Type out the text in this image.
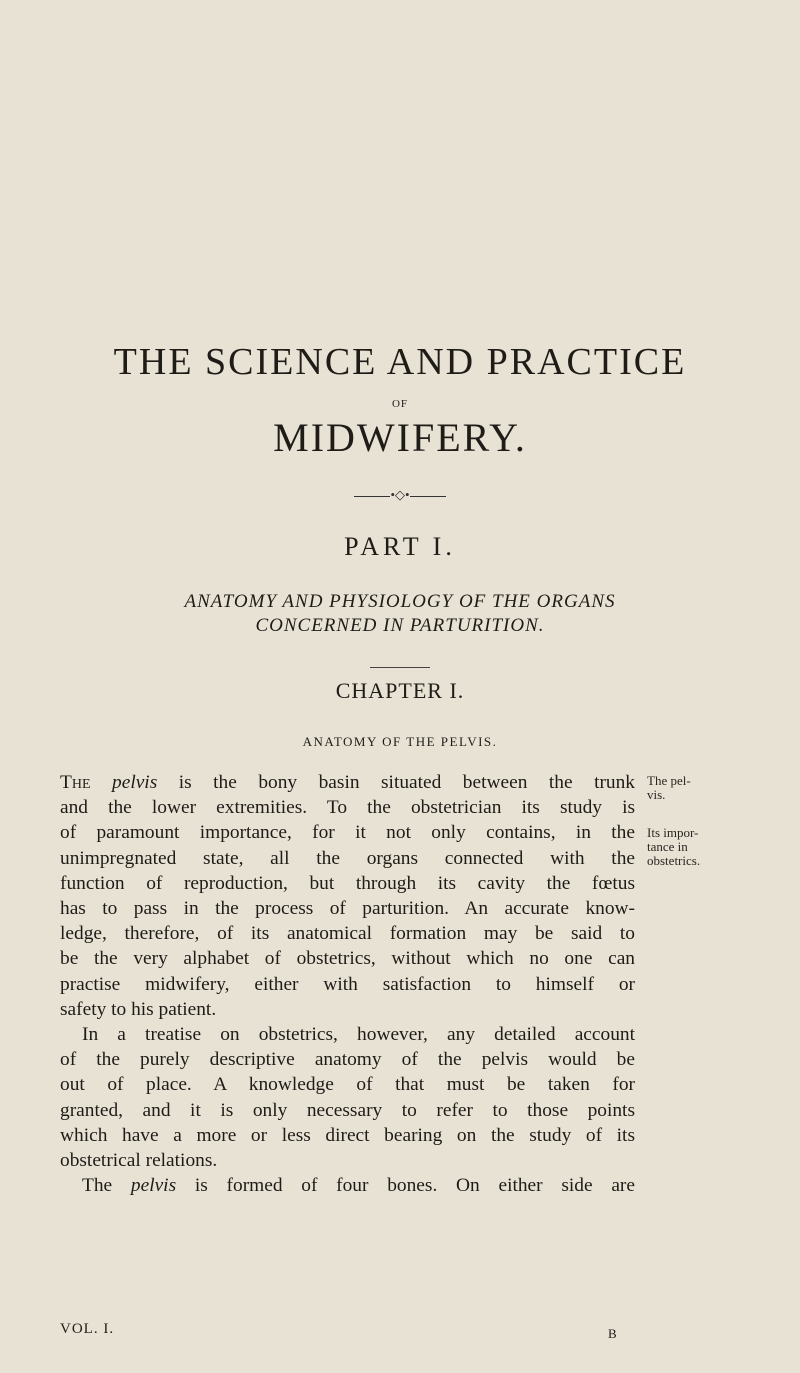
THE SCIENCE AND PRACTICE
OF
MIDWIFERY.
•◇•
PART I.
ANATOMY AND PHYSIOLOGY OF THE ORGANS
CONCERNED IN PARTURITION.
CHAPTER I.
ANATOMY OF THE PELVIS.

The pelvis is the bony basin situated between the trunk
and the lower extremities. To the obstetrician its study is
of paramount importance, for it not only contains, in the
unimpregnated state, all the organs connected with the
function of reproduction, but through its cavity the fœtus
has to pass in the process of parturition. An accurate know-
ledge, therefore, of its anatomical formation may be said to
be the very alphabet of obstetrics, without which no one can
practise midwifery, either with satisfaction to himself or
safety to his patient.

In a treatise on obstetrics, however, any detailed account
of the purely descriptive anatomy of the pelvis would be
out of place. A knowledge of that must be taken for
granted, and it is only necessary to refer to those points
which have a more or less direct bearing on the study of its
obstetrical relations.

The pelvis is formed of four bones. On either side are

The pel-
vis.
Its impor-
tance in
obstetrics.
VOL. I.	B
